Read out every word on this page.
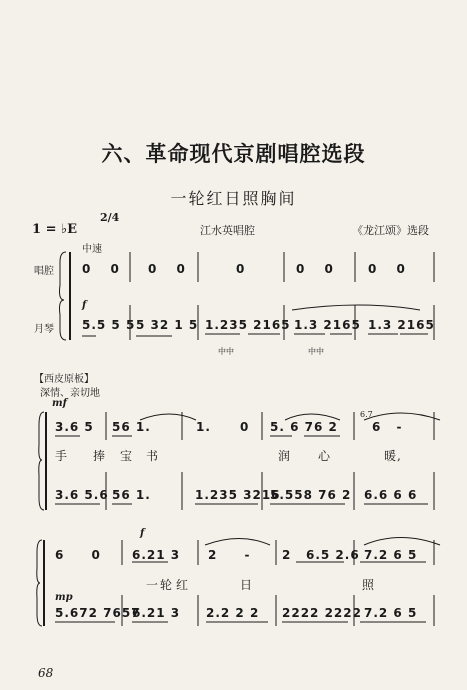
六、革命现代京剧唱腔选段
一轮红日照胸间
1 = ♭E
2/4
江水英唱腔	《龙江颂》选段
中速
唱腔
月琴
f
0 0 0 0	0	0 0	0 0
5.5 5 5 5 32 1 5 1.235 2165 1.3 2165 1.3 2165
中中	中中
【西皮原板】
深情、亲切地
mf
3.6 5 56 1.	1. 0 5. 6 76 2
6.7
6 -
手 捧 宝 书	润 心	暖,
3.6 5.6 56 1.	1.235 3216
5.558 76 2 6.6 6 6
f
6 0	6.21 3 2 -	2 6.5 2.6 7.2 6 5
一 轮 红	日	照
mp
5.672 7657
6.21 3 2.2 2 2 2222 2222 7.2 6 5
68
